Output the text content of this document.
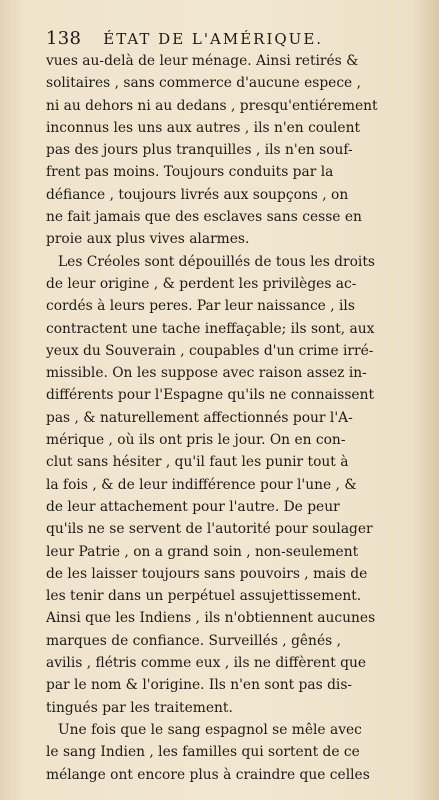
138 ÉTAT DE L'AMÉRIQUE.
vues au-delà de leur ménage. Ainsi retirés &
solitaires , sans commerce d'aucune espece ,
ni au dehors ni au dedans , presqu'entiérement
inconnus les uns aux autres , ils n'en coulent
pas des jours plus tranquilles , ils n'en souf-
frent pas moins. Toujours conduits par la
défiance , toujours livrés aux soupçons , on
ne fait jamais que des esclaves sans cesse en
proie aux plus vives alarmes.
Les Créoles sont dépouillés de tous les droits
de leur origine , & perdent les privilèges ac-
cordés à leurs peres. Par leur naissance , ils
contractent une tache ineffaçable; ils sont, aux
yeux du Souverain , coupables d'un crime irré-
missible. On les suppose avec raison assez in-
différents pour l'Espagne qu'ils ne connaissent
pas , & naturellement affectionnés pour l'A-
mérique , où ils ont pris le jour. On en con-
clut sans hésiter , qu'il faut les punir tout à
la fois , & de leur indifférence pour l'une , &
de leur attachement pour l'autre. De peur
qu'ils ne se servent de l'autorité pour soulager
leur Patrie , on a grand soin , non-seulement
de les laisser toujours sans pouvoirs , mais de
les tenir dans un perpétuel assujettissement.
Ainsi que les Indiens , ils n'obtiennent aucunes
marques de confiance. Surveillés , gênés ,
avilis , flétris comme eux , ils ne diffèrent que
par le nom & l'origine. Ils n'en sont pas dis-
tingués par les traitement.
Une fois que le sang espagnol se mêle avec
le sang Indien , les familles qui sortent de ce
mélange ont encore plus à craindre que celles
